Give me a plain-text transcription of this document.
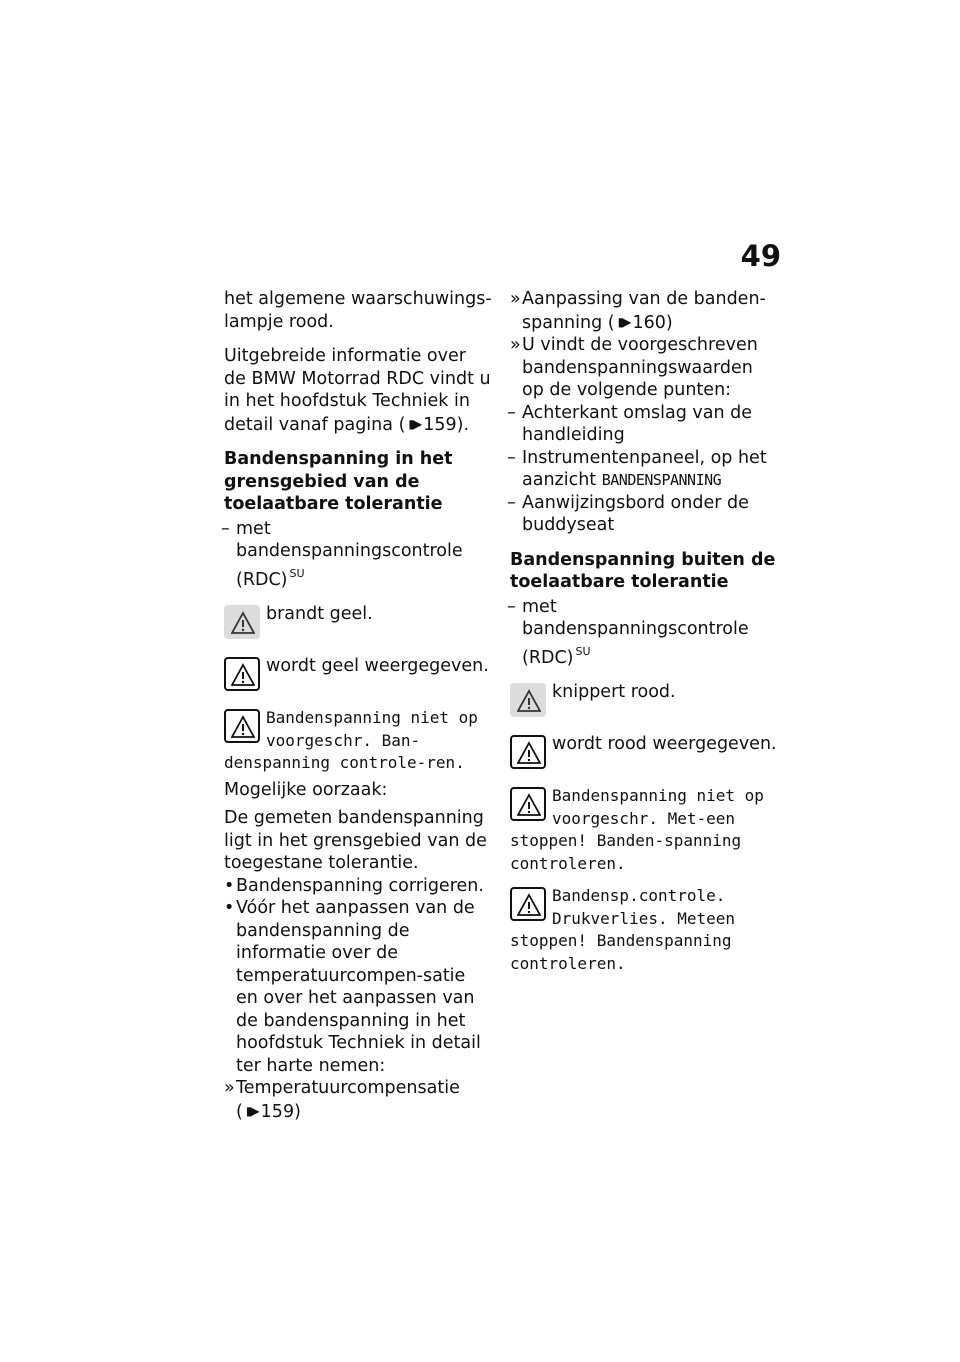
49

het algemene waarschuwings-lampje rood.

Uitgebreide informatie over de BMW Motorrad RDC vindt u in het hoofdstuk Techniek in detail vanaf pagina ( ▮▶ 159).

Bandenspanning in het grensgebied van de toelaatbare tolerantie

– met bandenspanningscontrole (RDC) $^{SU}$
brandt geel.
wordt geel weergegeven.
Bandenspanning niet op voorgeschr. Ban-denspanning controle-ren.

Mogelijke oorzaak:

De gemeten bandenspanning ligt in het grensgebied van de toegestane tolerantie.

• Bandenspanning corrigeren.
• Vóór het aanpassen van de bandenspanning de informatie over de temperatuurcompen-satie en over het aanpassen van de bandenspanning in het hoofdstuk Techniek in detail ter harte nemen:
» Temperatuurcompensatie
( ▮▶ 159)
» Aanpassing van de banden-spanning ( ▮▶ 160)
» U vindt de voorgeschreven bandenspanningswaarden op de volgende punten:
– Achterkant omslag van de handleiding
– Instrumentenpaneel, op het aanzicht BANDENSPANNING
– Aanwijzingsbord onder de buddyseat

Bandenspanning buiten de toelaatbare tolerantie

– met bandenspanningscontrole (RDC) $^{SU}$
knippert rood.
wordt rood weergegeven.
Bandenspanning niet op voorgeschr. Met-een stoppen! Banden-spanning controleren.
Bandensp.controle. Drukverlies. Meteen stoppen! Bandenspanning controleren.
